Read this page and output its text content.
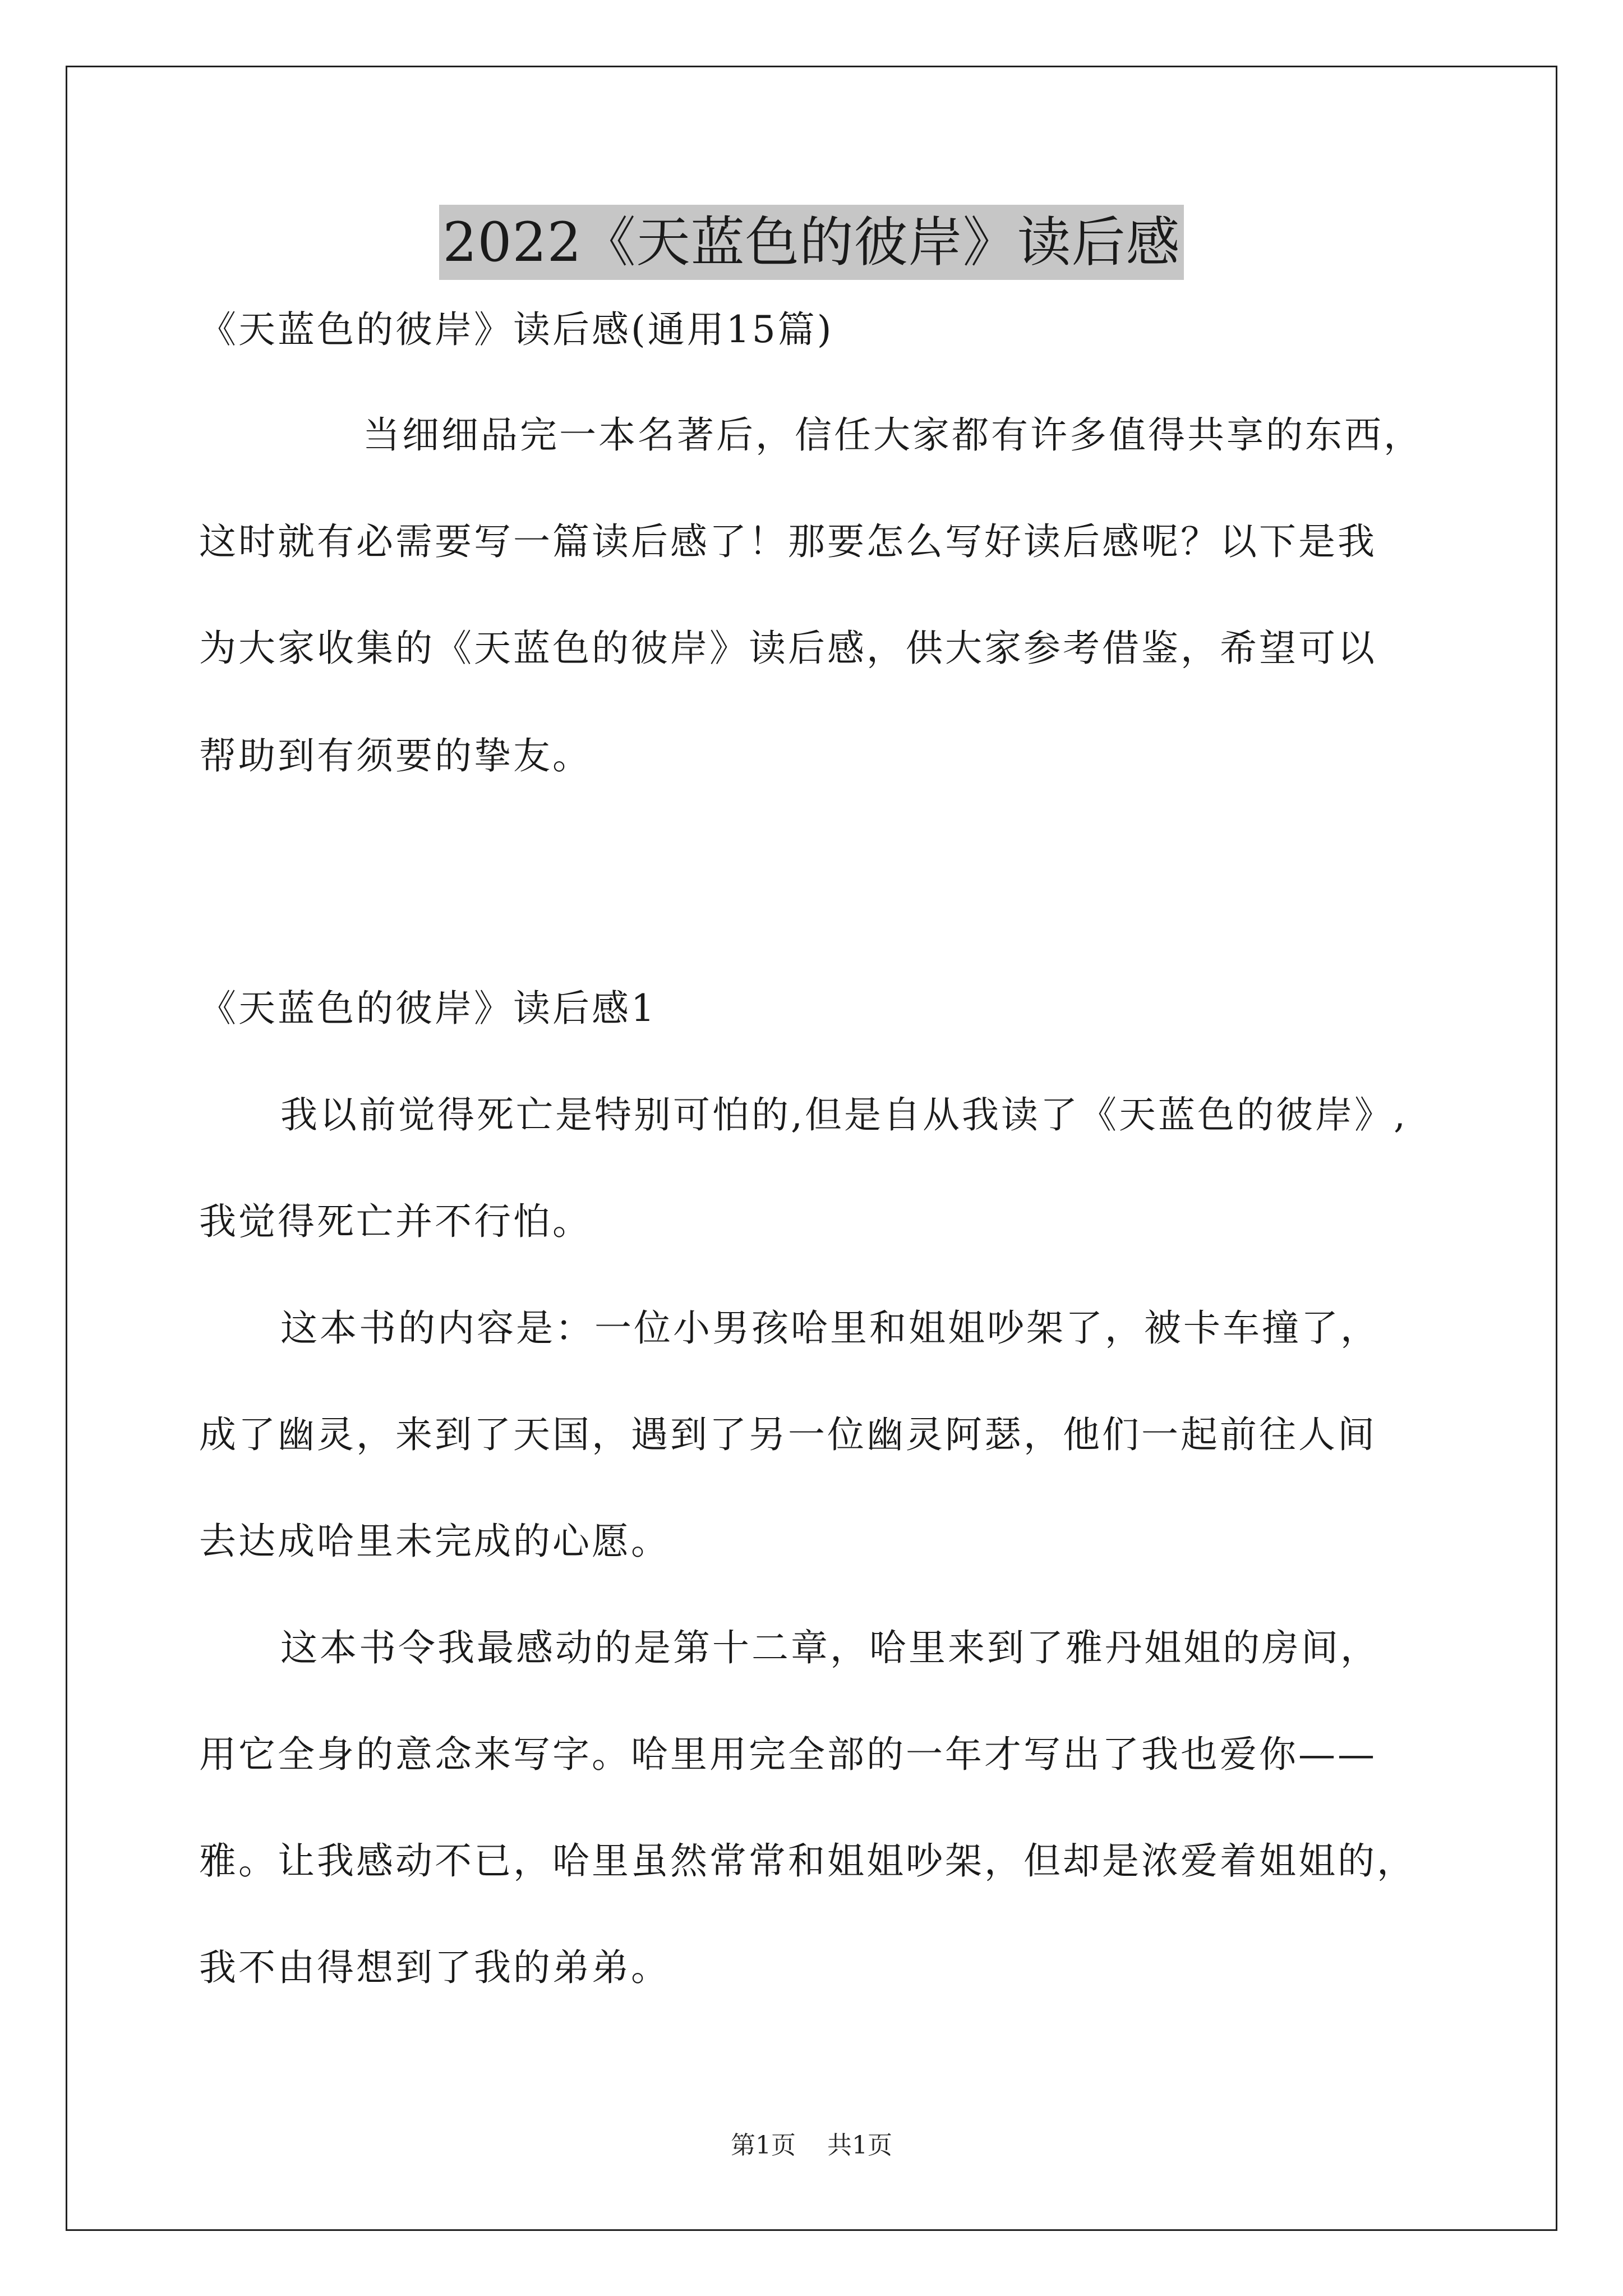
2022《天蓝色的彼岸》读后感
《天蓝色的彼岸》读后感(通用15篇)
当细细品完一本名著后，信任大家都有许多值得共享的东西，
这时就有必需要写一篇读后感了！那要怎么写好读后感呢？以下是我
为大家收集的《天蓝色的彼岸》读后感，供大家参考借鉴，希望可以
帮助到有须要的挚友。
《天蓝色的彼岸》读后感1
我以前觉得死亡是特别可怕的,但是自从我读了《天蓝色的彼岸》,
我觉得死亡并不行怕。
这本书的内容是：一位小男孩哈里和姐姐吵架了，被卡车撞了，
成了幽灵，来到了天国，遇到了另一位幽灵阿瑟，他们一起前往人间
去达成哈里未完成的心愿。
这本书令我最感动的是第十二章，哈里来到了雅丹姐姐的房间，
用它全身的意念来写字。哈里用完全部的一年才写出了我也爱你——
雅。让我感动不已，哈里虽然常常和姐姐吵架，但却是浓爱着姐姐的，
我不由得想到了我的弟弟。
第1页 共1页
